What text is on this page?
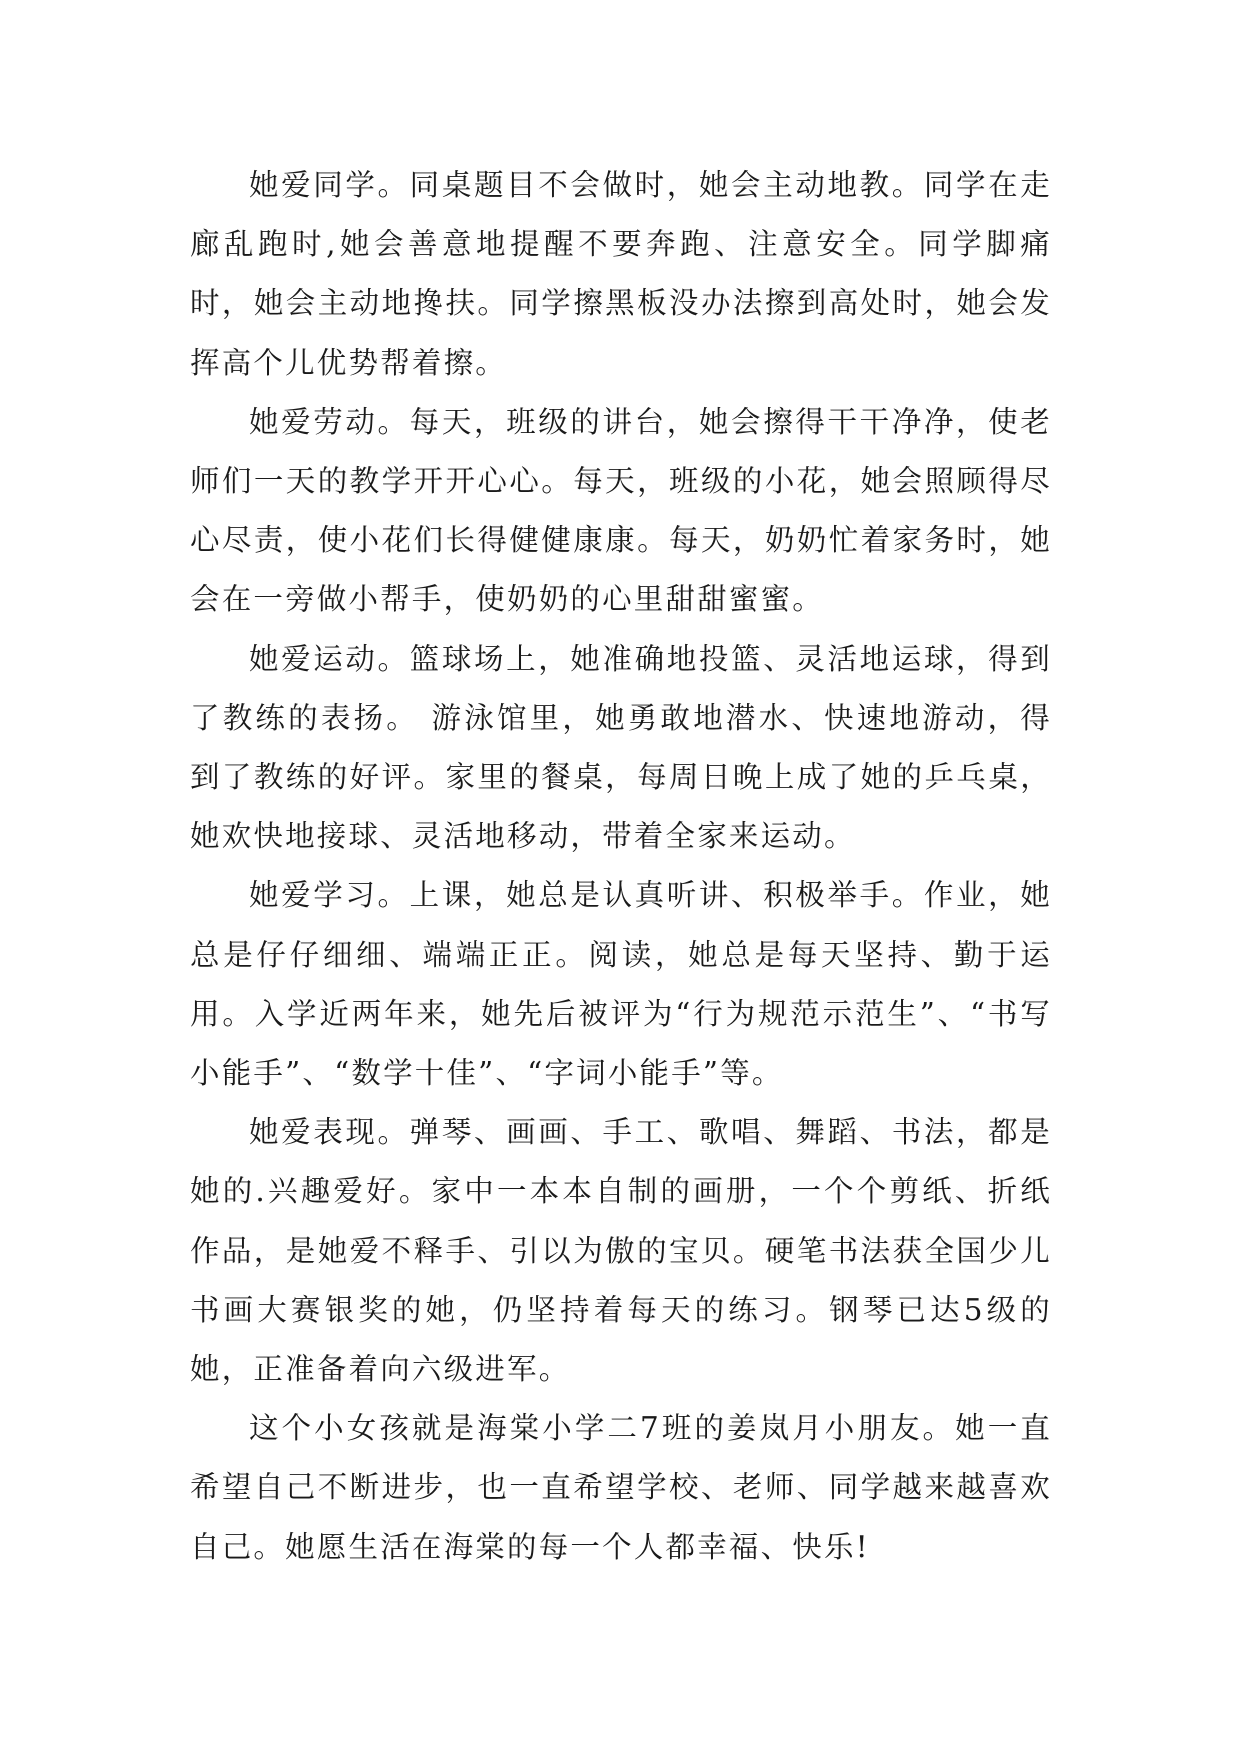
她爱同学。同桌题目不会做时，她会主动地教。同学在走廊乱跑时,她会善意地提醒不要奔跑、注意安全。同学脚痛时，她会主动地搀扶。同学擦黑板没办法擦到高处时，她会发挥高个儿优势帮着擦。

她爱劳动。每天，班级的讲台，她会擦得干干净净，使老师们一天的教学开开心心。每天，班级的小花，她会照顾得尽心尽责，使小花们长得健健康康。每天，奶奶忙着家务时，她会在一旁做小帮手，使奶奶的心里甜甜蜜蜜。

她爱运动。篮球场上，她准确地投篮、灵活地运球，得到了教练的表扬。 游泳馆里，她勇敢地潜水、快速地游动，得到了教练的好评。家里的餐桌，每周日晚上成了她的乒乓桌，她欢快地接球、灵活地移动，带着全家来运动。

她爱学习。上课，她总是认真听讲、积极举手。作业，她总是仔仔细细、端端正正。阅读，她总是每天坚持、勤于运用。入学近两年来，她先后被评为“行为规范示范生”、“书写小能手”、“数学十佳”、“字词小能手”等。

她爱表现。弹琴、画画、手工、歌唱、舞蹈、书法，都是她的.兴趣爱好。家中一本本自制的画册，一个个剪纸、折纸作品，是她爱不释手、引以为傲的宝贝。硬笔书法获全国少儿书画大赛银奖的她，仍坚持着每天的练习。钢琴已达5级的她，正准备着向六级进军。

这个小女孩就是海棠小学二7班的姜岚月小朋友。她一直希望自己不断进步，也一直希望学校、老师、同学越来越喜欢自己。她愿生活在海棠的每一个人都幸福、快乐!
